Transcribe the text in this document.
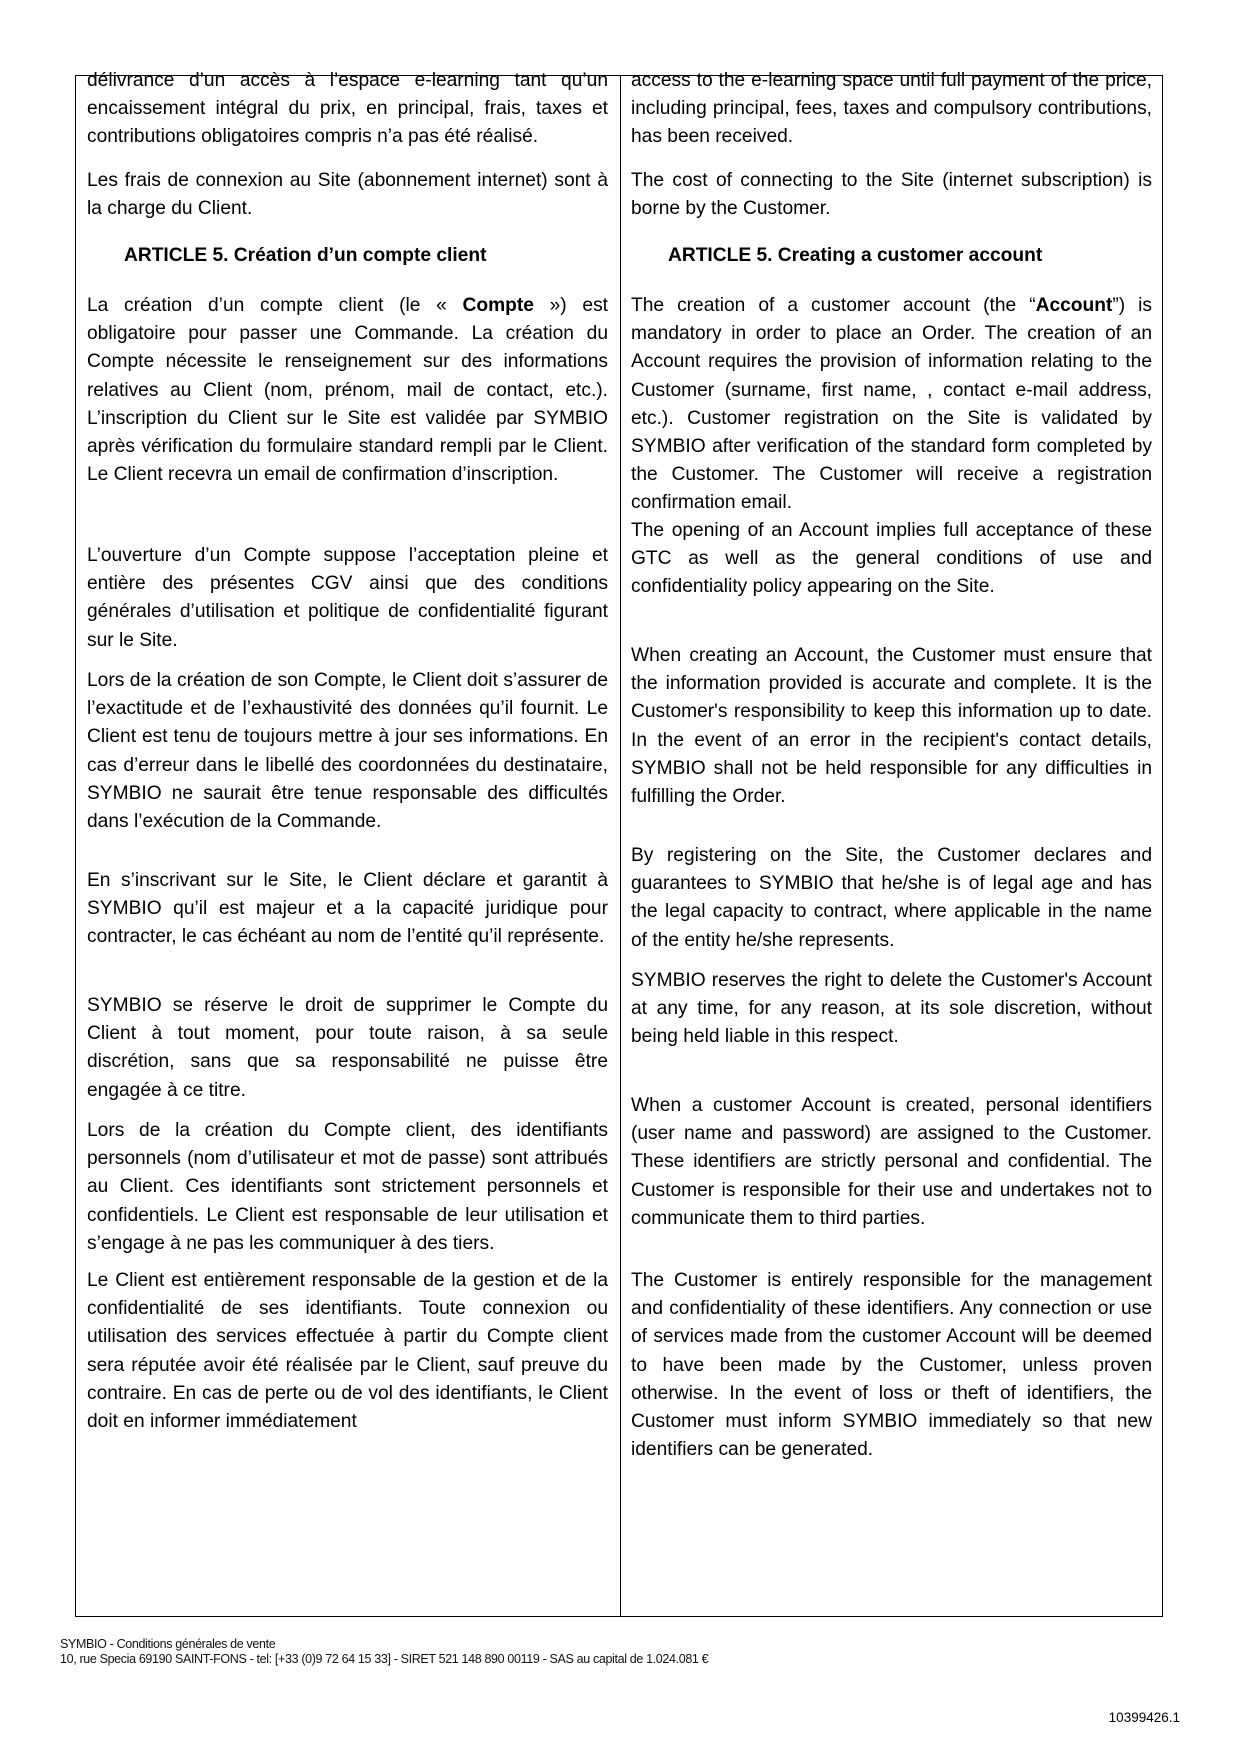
délivrance d’un accès à l’espace e-learning tant qu’un encaissement intégral du prix, en principal, frais, taxes et contributions obligatoires compris n’a pas été réalisé.

Les frais de connexion au Site (abonnement internet) sont à la charge du Client.

ARTICLE 5. Création d’un compte client

La création d’un compte client (le « Compte ») est obligatoire pour passer une Commande. La création du Compte nécessite le renseignement sur des informations relatives au Client (nom, prénom, mail de contact, etc.). L’inscription du Client sur le Site est validée par SYMBIO après vérification du formulaire standard rempli par le Client. Le Client recevra un email de confirmation d’inscription.

L’ouverture d’un Compte suppose l’acceptation pleine et entière des présentes CGV ainsi que des conditions générales d’utilisation et politique de confidentialité figurant sur le Site.

Lors de la création de son Compte, le Client doit s’assurer de l’exactitude et de l’exhaustivité des données qu’il fournit. Le Client est tenu de toujours mettre à jour ses informations. En cas d’erreur dans le libellé des coordonnées du destinataire, SYMBIO ne saurait être tenue responsable des difficultés dans l’exécution de la Commande.

En s’inscrivant sur le Site, le Client déclare et garantit à SYMBIO qu’il est majeur et a la capacité juridique pour contracter, le cas échéant au nom de l’entité qu’il représente.

SYMBIO se réserve le droit de supprimer le Compte du Client à tout moment, pour toute raison, à sa seule discrétion, sans que sa responsabilité ne puisse être engagée à ce titre.

Lors de la création du Compte client, des identifiants personnels (nom d’utilisateur et mot de passe) sont attribués au Client. Ces identifiants sont strictement personnels et confidentiels. Le Client est responsable de leur utilisation et s’engage à ne pas les communiquer à des tiers.

Le Client est entièrement responsable de la gestion et de la confidentialité de ses identifiants. Toute connexion ou utilisation des services effectuée à partir du Compte client sera réputée avoir été réalisée par le Client, sauf preuve du contraire. En cas de perte ou de vol des identifiants, le Client doit en informer immédiatement

access to the e-learning space until full payment of the price, including principal, fees, taxes and compulsory contributions, has been received.

The cost of connecting to the Site (internet subscription) is borne by the Customer.

ARTICLE 5. Creating a customer account

The creation of a customer account (the “Account”) is mandatory in order to place an Order. The creation of an Account requires the provision of information relating to the Customer (surname, first name, , contact e-mail address, etc.). Customer registration on the Site is validated by SYMBIO after verification of the standard form completed by the Customer. The Customer will receive a registration confirmation email.

The opening of an Account implies full acceptance of these GTC as well as the general conditions of use and confidentiality policy appearing on the Site.

When creating an Account, the Customer must ensure that the information provided is accurate and complete. It is the Customer's responsibility to keep this information up to date. In the event of an error in the recipient's contact details, SYMBIO shall not be held responsible for any difficulties in fulfilling the Order.

By registering on the Site, the Customer declares and guarantees to SYMBIO that he/she is of legal age and has the legal capacity to contract, where applicable in the name of the entity he/she represents.

SYMBIO reserves the right to delete the Customer's Account at any time, for any reason, at its sole discretion, without being held liable in this respect.

When a customer Account is created, personal identifiers (user name and password) are assigned to the Customer. These identifiers are strictly personal and confidential. The Customer is responsible for their use and undertakes not to communicate them to third parties.

The Customer is entirely responsible for the management and confidentiality of these identifiers. Any connection or use of services made from the customer Account will be deemed to have been made by the Customer, unless proven otherwise. In the event of loss or theft of identifiers, the Customer must inform SYMBIO immediately so that new identifiers can be generated.

SYMBIO - Conditions générales de vente

10, rue Specia 69190 SAINT-FONS - tel: [+33 (0)9 72 64 15 33] - SIRET 521 148 890 00119 - SAS au capital de 1.024.081 €

10399426.1
